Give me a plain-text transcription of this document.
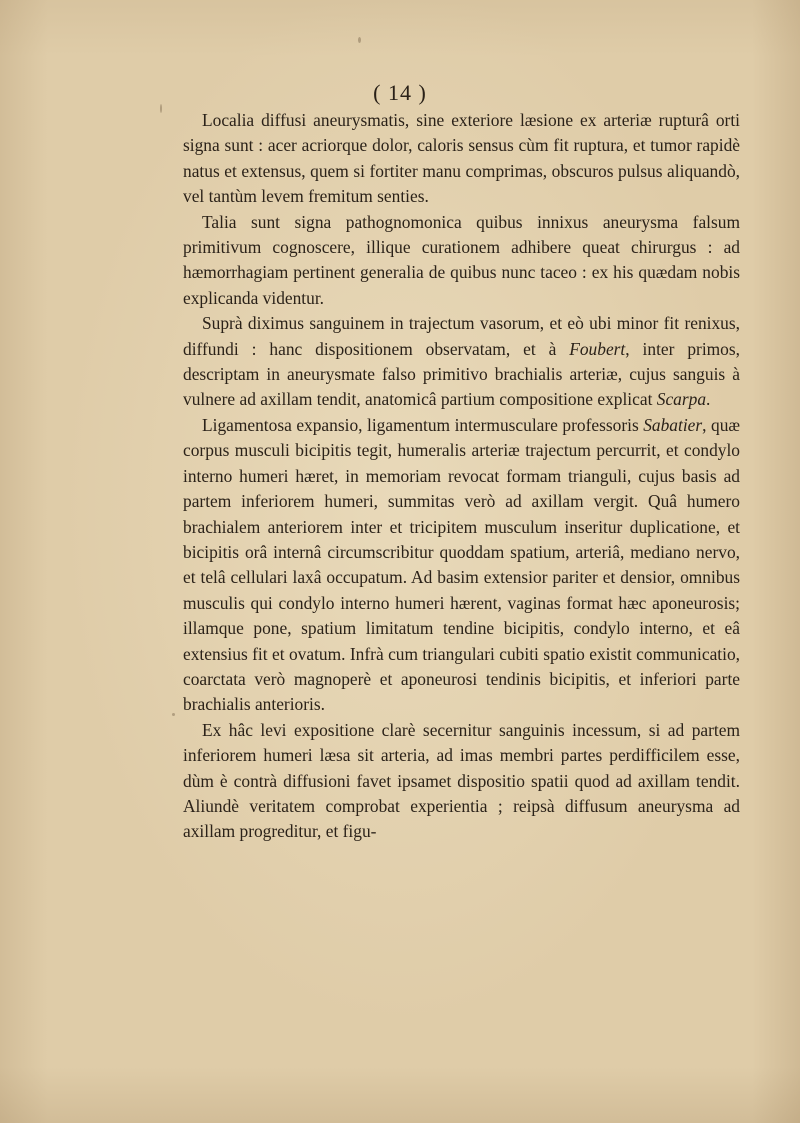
( 14 )

Localia diffusi aneurysmatis, sine exteriore læsione ex arteriæ rupturâ orti signa sunt : acer acriorque dolor, caloris sensus cùm fit ruptura, et tumor rapidè natus et extensus, quem si fortiter manu comprimas, obscuros pulsus aliquandò, vel tantùm levem fremitum senties.

Talia sunt signa pathognomonica quibus innixus aneurysma falsum primitivum cognoscere, illique curationem adhibere queat chirurgus : ad hæmorrhagiam pertinent generalia de quibus nunc taceo : ex his quædam nobis explicanda videntur.

Suprà diximus sanguinem in trajectum vasorum, et eò ubi minor fit renixus, diffundi : hanc dispositionem observatam, et à Foubert, inter primos, descriptam in aneurysmate falso primitivo brachialis arteriæ, cujus sanguis à vulnere ad axillam tendit, anatomicâ partium compositione explicat Scarpa.

Ligamentosa expansio, ligamentum intermusculare professoris Sabatier, quæ corpus musculi bicipitis tegit, humeralis arteriæ trajectum percurrit, et condylo interno humeri hæret, in memoriam revocat formam trianguli, cujus basis ad partem inferiorem humeri, summitas verò ad axillam vergit. Quâ humero brachialem anteriorem inter et tricipitem musculum inseritur duplicatione, et bicipitis orâ internâ circumscribitur quoddam spatium, arteriâ, mediano nervo, et telâ cellulari laxâ occupatum. Ad basim extensior pariter et densior, omnibus musculis qui condylo interno humeri hærent, vaginas format hæc aponeurosis; illamque pone, spatium limitatum tendine bicipitis, condylo interno, et eâ extensius fit et ovatum. Infrà cum triangulari cubiti spatio existit communicatio, coarctata verò magnoperè et aponeurosi tendinis bicipitis, et inferiori parte brachialis anterioris.

Ex hâc levi expositione clarè secernitur sanguinis incessum, si ad partem inferiorem humeri læsa sit arteria, ad imas membri partes perdifficilem esse, dùm è contrà diffusioni favet ipsamet dispositio spatii quod ad axillam tendit. Aliundè veritatem comprobat experientia ; reipsà diffusum aneurysma ad axillam progreditur, et figu-
